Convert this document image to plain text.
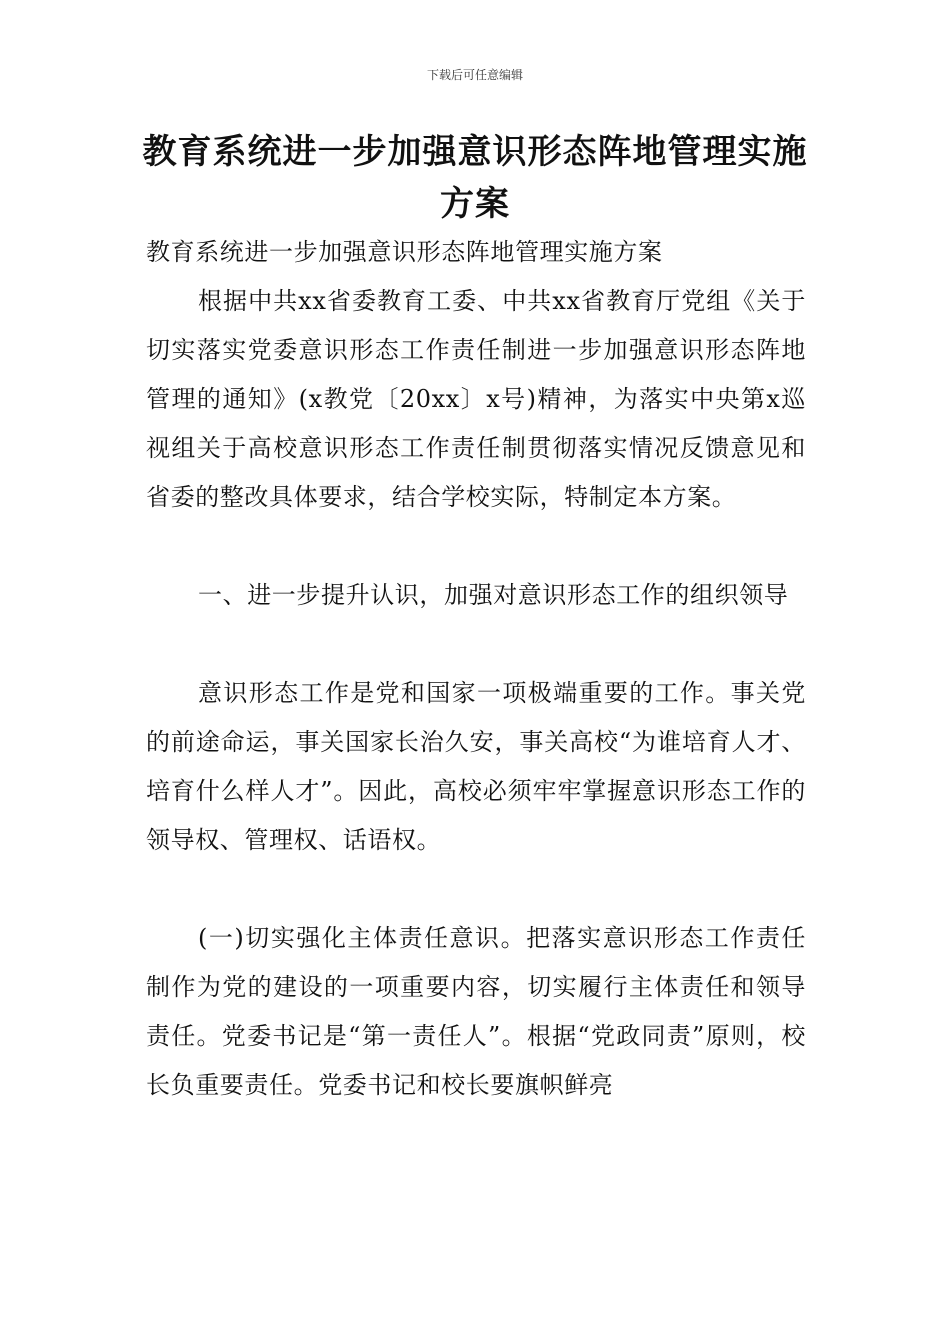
下载后可任意编辑
教育系统进一步加强意识形态阵地管理实施方案

教育系统进一步加强意识形态阵地管理实施方案

根据中共xx省委教育工委、中共xx省教育厅党组《关于切实落实党委意识形态工作责任制进一步加强意识形态阵地管理的通知》(x教党〔20xx〕x号)精神，为落实中央第x巡视组关于高校意识形态工作责任制贯彻落实情况反馈意见和省委的整改具体要求，结合学校实际，特制定本方案。

一、进一步提升认识，加强对意识形态工作的组织领导

意识形态工作是党和国家一项极端重要的工作。事关党的前途命运，事关国家长治久安，事关高校“为谁培育人才、培育什么样人才”。因此，高校必须牢牢掌握意识形态工作的领导权、管理权、话语权。

(一)切实强化主体责任意识。把落实意识形态工作责任制作为党的建设的一项重要内容，切实履行主体责任和领导责任。党委书记是“第一责任人”。根据“党政同责”原则，校长负重要责任。党委书记和校长要旗帜鲜亮
